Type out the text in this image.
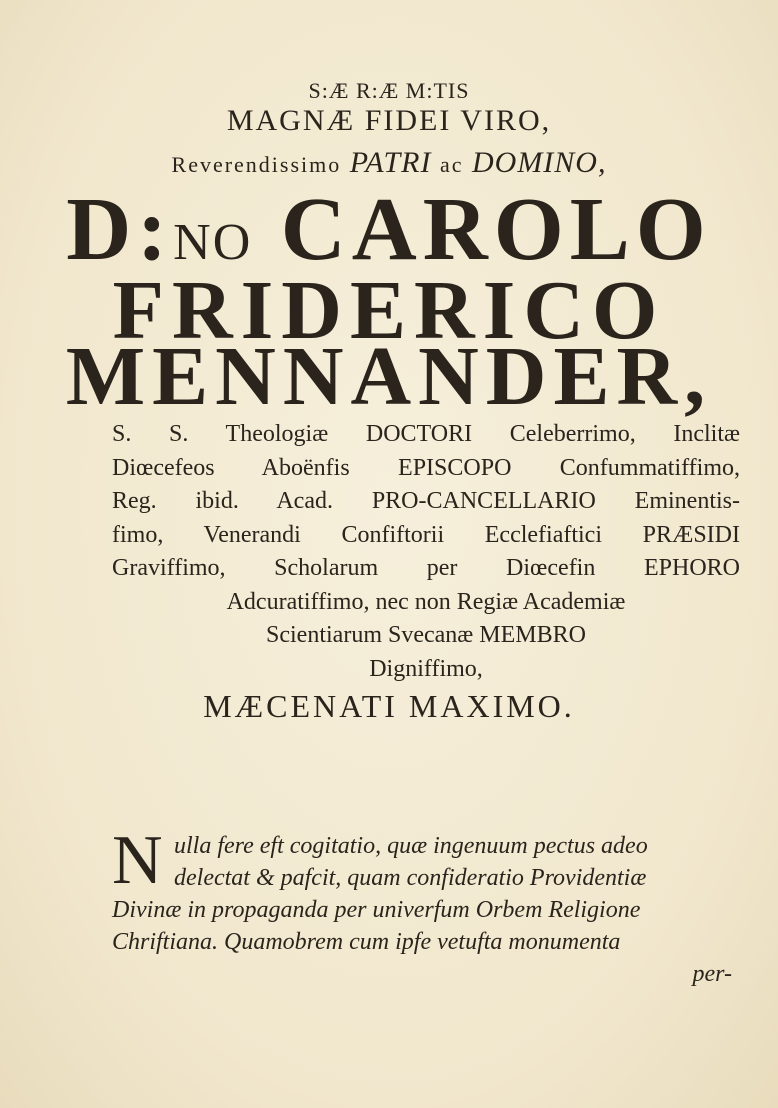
S:Æ R:Æ M:TIS
MAGNÆ FIDEI VIRO,
Reverendissimo PATRI ac DOMINO,
D:NO CAROLO
FRIDERICO
MENNANDER,
S. S. Theologiæ DOCTORI Celeberrimo, Inclitæ
Diœcefeos Aboënfis EPISCOPO Confummatiffimo,
Reg. ibid. Acad. PRO-CANCELLARIO Eminentis-
fimo, Venerandi Confiftorii Ecclefiaftici PRÆSIDI
Graviffimo, Scholarum per Diœcefin EPHORO
Adcuratiffimo, nec non Regiæ Academiæ
Scientiarum Svecanæ MEMBRO
Digniffimo,
MÆCENATI MAXIMO.
N ulla fere eft cogitatio, quæ ingenuum pectus adeo
delectat & pafcit, quam confideratio Providentiæ
Divinæ in propaganda per univerfum Orbem Religione
Chriftiana. Quamobrem cum ipfe vetufta monumenta
per-
